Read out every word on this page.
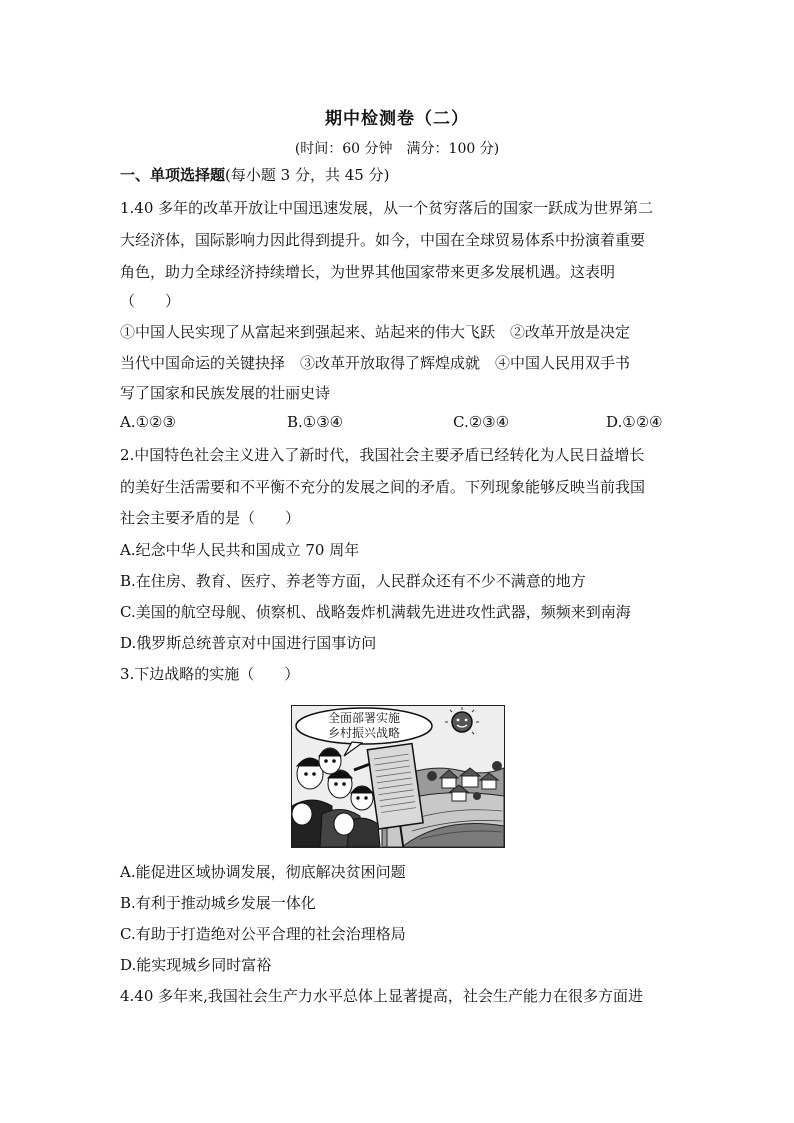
期中检测卷（二）
(时间：60 分钟　满分：100 分)
一、单项选择题(每小题 3 分，共 45 分)
1.40 多年的改革开放让中国迅速发展，从一个贫穷落后的国家一跃成为世界第二
大经济体，国际影响力因此得到提升。如今，中国在全球贸易体系中扮演着重要
角色，助力全球经济持续增长，为世界其他国家带来更多发展机遇。这表明
（　　）
①中国人民实现了从富起来到强起来、站起来的伟大飞跃　②改革开放是决定
当代中国命运的关键抉择　③改革开放取得了辉煌成就　④中国人民用双手书
写了国家和民族发展的壮丽史诗
A.①②③	B.①③④	C.②③④	D.①②④
2.中国特色社会主义进入了新时代，我国社会主要矛盾已经转化为人民日益增长
的美好生活需要和不平衡不充分的发展之间的矛盾。下列现象能够反映当前我国
社会主要矛盾的是（　　）
A.纪念中华人民共和国成立 70 周年
B.在住房、教育、医疗、养老等方面，人民群众还有不少不满意的地方
C.美国的航空母舰、侦察机、战略轰炸机满载先进进攻性武器，频频来到南海
D.俄罗斯总统普京对中国进行国事访问
3.下边战略的实施（　　）
全面部署实施
乡村振兴战略
A.能促进区域协调发展，彻底解决贫困问题
B.有利于推动城乡发展一体化
C.有助于打造绝对公平合理的社会治理格局
D.能实现城乡同时富裕
4.40 多年来,我国社会生产力水平总体上显著提高，社会生产能力在很多方面进
